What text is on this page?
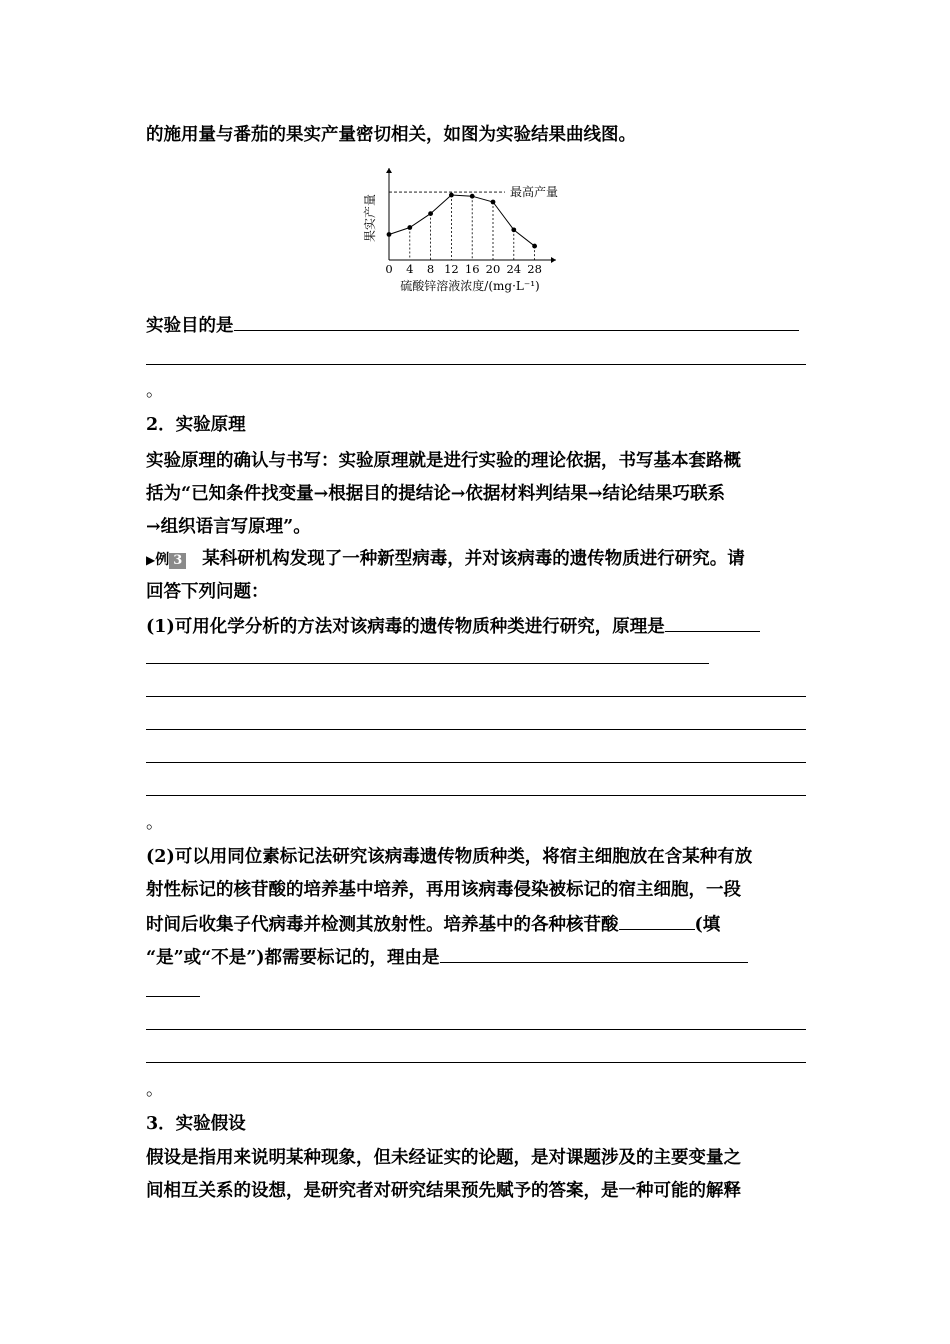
的施用量与番茄的果实产量密切相关，如图为实验结果曲线图。
果实产量
最高产量
0 4 8 12 16 20 24 28
硫酸锌溶液浓度/(mg·L⁻¹)
实验目的是
。
2．实验原理
实验原理的确认与书写：实验原理就是进行实验的理论依据，书写基本套路概
括为“已知条件找变量→根据目的提结论→依据材料判结果→结论结果巧联系
→组织语言写原理”。
▶例 3 某科研机构发现了一种新型病毒，并对该病毒的遗传物质进行研究。请
回答下列问题：
(1)可用化学分析的方法对该病毒的遗传物质种类进行研究，原理是
。
(2)可以用同位素标记法研究该病毒遗传物质种类，将宿主细胞放在含某种有放
射性标记的核苷酸的培养基中培养，再用该病毒侵染被标记的宿主细胞，一段
时间后收集子代病毒并检测其放射性。培养基中的各种核苷酸	(填
“是”或“不是”)都需要标记的，理由是
。
3．实验假设
假设是指用来说明某种现象，但未经证实的论题，是对课题涉及的主要变量之
间相互关系的设想，是研究者对研究结果预先赋予的答案，是一种可能的解释
